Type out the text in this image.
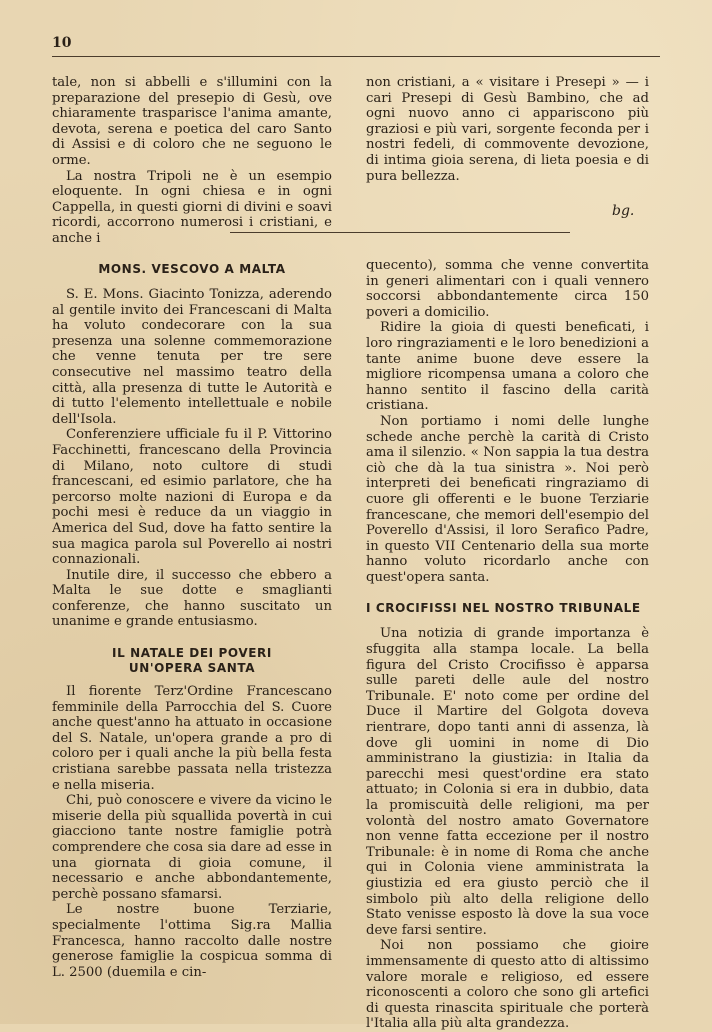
10

tale, non si abbelli e s'illumini con la preparazione del presepio di Gesù, ove chiaramente trasparisce l'anima amante, devota, serena e poetica del caro Santo di Assisi e di coloro che ne seguono le orme.

La nostra Tripoli ne è un esempio eloquente. In ogni chiesa e in ogni Cappella, in questi giorni di divini e soavi ricordi, accorrono numerosi i cristiani, e anche i

non cristiani, a « visitare i Presepi » — i cari Presepi di Gesù Bambino, che ad ogni nuovo anno ci appariscono più graziosi e più vari, sorgente feconda per i nostri fedeli, di commovente devozione, di intima gioia serena, di lieta poesia e di pura bellezza.

bg.
MONS. VESCOVO A MALTA

S. E. Mons. Giacinto Tonizza, aderendo al gentile invito dei Francescani di Malta ha voluto condecorare con la sua presenza una solenne commemorazione che venne tenuta per tre sere consecutive nel massimo teatro della città, alla presenza di tutte le Autorità e di tutto l'elemento intellettuale e nobile dell'Isola.

Conferenziere ufficiale fu il P. Vittorino Facchinetti, francescano della Provincia di Milano, noto cultore di studi francescani, ed esimio parlatore, che ha percorso molte nazioni di Europa e da pochi mesi è reduce da un viaggio in America del Sud, dove ha fatto sentire la sua magica parola sul Poverello ai nostri connazionali.

Inutile dire, il successo che ebbero a Malta le sue dotte e smaglianti conferenze, che hanno suscitato un unanime e grande entusiasmo.

IL NATALE DEI POVERI
UN'OPERA SANTA

Il fiorente Terz'Ordine Francescano femminile della Parrocchia del S. Cuore anche quest'anno ha attuato in occasione del S. Natale, un'opera grande a pro di coloro per i quali anche la più bella festa cristiana sarebbe passata nella tristezza e nella miseria.

Chi, può conoscere e vivere da vicino le miserie della più squallida povertà in cui giacciono tante nostre famiglie potrà comprendere che cosa sia dare ad esse in una giornata di gioia comune, il necessario e anche abbondantemente, perchè possano sfamarsi.

Le nostre buone Terziarie, specialmente l'ottima Sig.ra Mallia Francesca, hanno raccolto dalle nostre generose famiglie la cospicua somma di L. 2500 (duemila e cin-

quecento), somma che venne convertita in generi alimentari con i quali vennero soccorsi abbondantemente circa 150 poveri a domicilio.

Ridire la gioia di questi beneficati, i loro ringraziamenti e le loro benedizioni a tante anime buone deve essere la migliore ricompensa umana a coloro che hanno sentito il fascino della carità cristiana.

Non portiamo i nomi delle lunghe schede anche perchè la carità di Cristo ama il silenzio. « Non sappia la tua destra ciò che dà la tua sinistra ». Noi però interpreti dei beneficati ringraziamo di cuore gli offerenti e le buone Terziarie francescane, che memori dell'esempio del Poverello d'Assisi, il loro Serafico Padre, in questo VII Centenario della sua morte hanno voluto ricordarlo anche con quest'opera santa.

I CROCIFISSI NEL NOSTRO TRIBUNALE

Una notizia di grande importanza è sfuggita alla stampa locale. La bella figura del Cristo Crocifisso è apparsa sulle pareti delle aule del nostro Tribunale. E' noto come per ordine del Duce il Martire del Golgota doveva rientrare, dopo tanti anni di assenza, là dove gli uomini in nome di Dio amministrano la giustizia: in Italia da parecchi mesi quest'ordine era stato attuato; in Colonia si era in dubbio, data la promiscuità delle religioni, ma per volontà del nostro amato Governatore non venne fatta eccezione per il nostro Tribunale: è in nome di Roma che anche qui in Colonia viene amministrata la giustizia ed era giusto perciò che il simbolo più alto della religione dello Stato venisse esposto là dove la sua voce deve farsi sentire.

Noi non possiamo che gioire immensamente di questo atto di altissimo valore morale e religioso, ed essere riconoscenti a coloro che sono gli artefici di questa rinascita spirituale che porterà l'Italia alla più alta grandezza.
